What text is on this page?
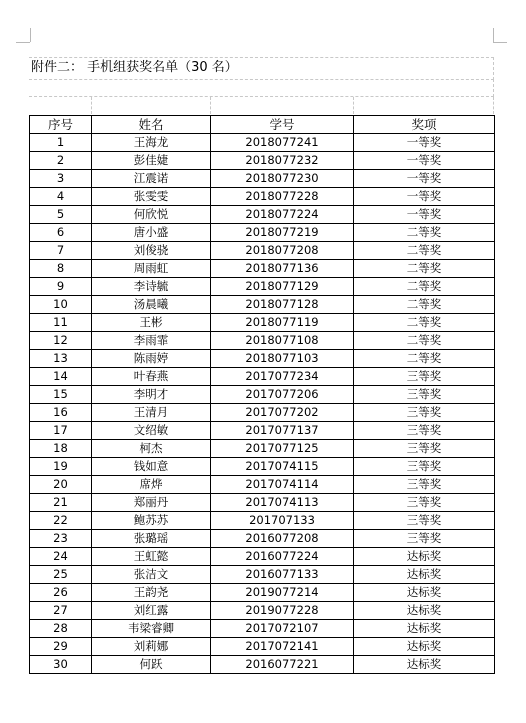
附件二： 手机组获奖名单（30 名）
序号	姓名	学号	奖项
1	王海龙	2018077241	一等奖
2	彭佳婕	2018077232	一等奖
3	江震诺	2018077230	一等奖
4	张雯雯	2018077228	一等奖
5	何欣悦	2018077224	一等奖
6	唐小盛	2018077219	二等奖
7	刘俊骁	2018077208	二等奖
8	周雨虹	2018077136	二等奖
9	李诗毓	2018077129	二等奖
10	汤晨曦	2018077128	二等奖
11	王彬	2018077119	二等奖
12	李雨霏	2018077108	二等奖
13	陈雨婷	2018077103	二等奖
14	叶春燕	2017077234	三等奖
15	李明才	2017077206	三等奖
16	王清月	2017077202	三等奖
17	文绍敏	2017077137	三等奖
18	柯杰	2017077125	三等奖
19	钱如意	2017074115	三等奖
20	席烨	2017074114	三等奖
21	郑丽丹	2017074113	三等奖
22	鲍苏苏	201707133	三等奖
23	张璐瑶	2016077208	三等奖
24	王虹懿	2016077224	达标奖
25	张洁文	2016077133	达标奖
26	王韵尧	2019077214	达标奖
27	刘红露	2019077228	达标奖
28	韦梁睿卿	2017072107	达标奖
29	刘莉娜	2017072141	达标奖
30	何跃	2016077221	达标奖
